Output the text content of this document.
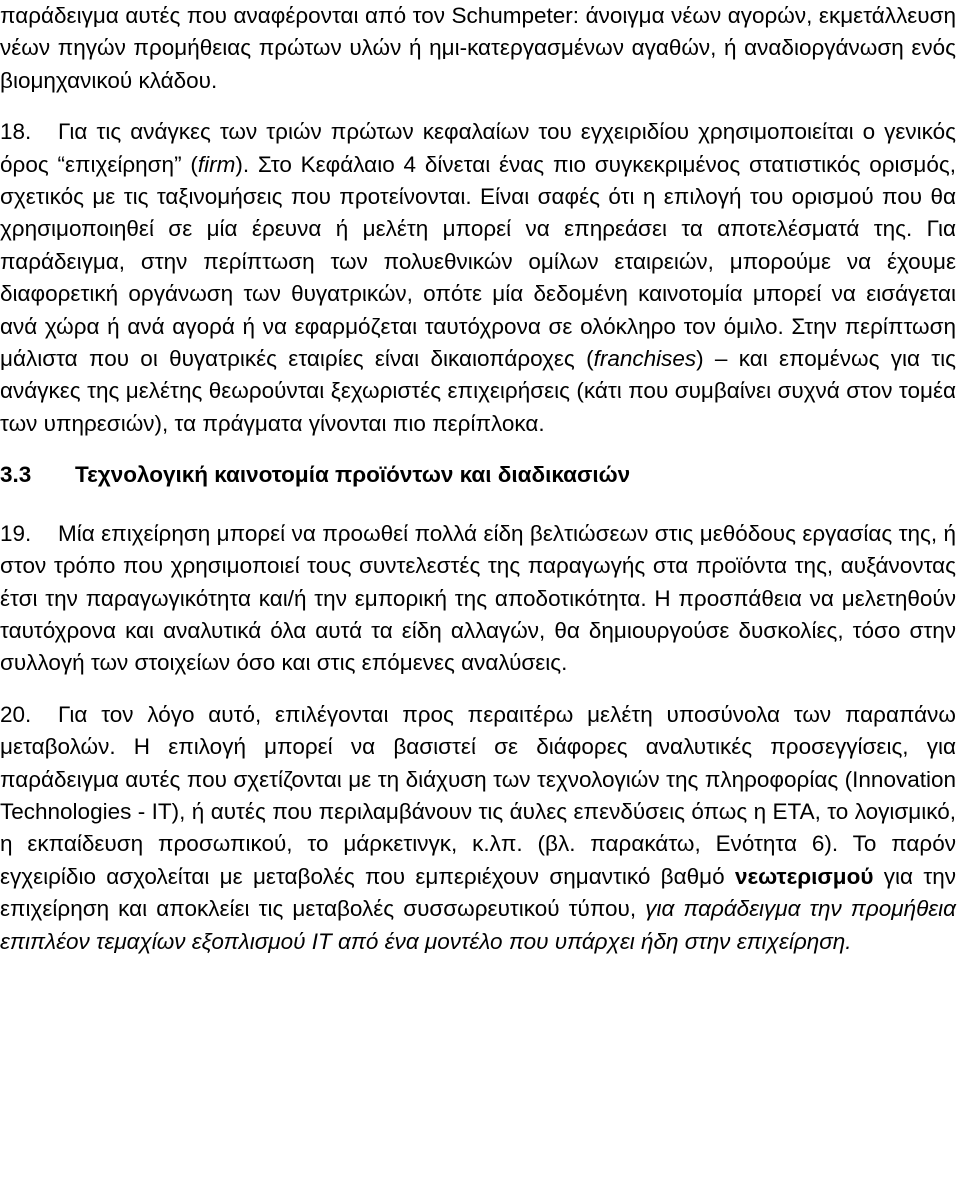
παράδειγμα αυτές που αναφέρονται από τον Schumpeter: άνοιγμα νέων αγορών, εκμετάλλευση νέων πηγών προμήθειας πρώτων υλών ή ημι-κατεργασμένων αγαθών, ή αναδιοργάνωση ενός βιομηχανικού κλάδου.

18. Για τις ανάγκες των τριών πρώτων κεφαλαίων του εγχειριδίου χρησιμοποιείται ο γενικός όρος “επιχείρηση” (firm). Στο Κεφάλαιο 4 δίνεται ένας πιο συγκεκριμένος στατιστικός ορισμός, σχετικός με τις ταξινομήσεις που προτείνονται. Είναι σαφές ότι η επιλογή του ορισμού που θα χρησιμοποιηθεί σε μία έρευνα ή μελέτη μπορεί να επηρεάσει τα αποτελέσματά της. Για παράδειγμα, στην περίπτωση των πολυεθνικών ομίλων εταιρειών, μπορούμε να έχουμε διαφορετική οργάνωση των θυγατρικών, οπότε μία δεδομένη καινοτομία μπορεί να εισάγεται ανά χώρα ή ανά αγορά ή να εφαρμόζεται ταυτόχρονα σε ολόκληρο τον όμιλο. Στην περίπτωση μάλιστα που οι θυγατρικές εταιρίες είναι δικαιοπάροχες (franchises) – και επομένως για τις ανάγκες της μελέτης θεωρούνται ξεχωριστές επιχειρήσεις (κάτι που συμβαίνει συχνά στον τομέα των υπηρεσιών), τα πράγματα γίνονται πιο περίπλοκα.

3.3	Τεχνολογική καινοτομία προϊόντων και διαδικασιών

19. Μία επιχείρηση μπορεί να προωθεί πολλά είδη βελτιώσεων στις μεθόδους εργασίας της, ή στον τρόπο που χρησιμοποιεί τους συντελεστές της παραγωγής στα προϊόντα της, αυξάνοντας έτσι την παραγωγικότητα και/ή την εμπορική της αποδοτικότητα. Η προσπάθεια να μελετηθούν ταυτόχρονα και αναλυτικά όλα αυτά τα είδη αλλαγών, θα δημιουργούσε δυσκολίες, τόσο στην συλλογή των στοιχείων όσο και στις επόμενες αναλύσεις.

20. Για τον λόγο αυτό, επιλέγονται προς περαιτέρω μελέτη υποσύνολα των παραπάνω μεταβολών. Η επιλογή μπορεί να βασιστεί σε διάφορες αναλυτικές προσεγγίσεις, για παράδειγμα αυτές που σχετίζονται με τη διάχυση των τεχνολογιών της πληροφορίας (Innovation Technologies - IT), ή αυτές που περιλαμβάνουν τις άυλες επενδύσεις όπως η ΕΤΑ, το λογισμικό, η εκπαίδευση προσωπικού, το μάρκετινγκ, κ.λπ. (βλ. παρακάτω, Ενότητα 6). Το παρόν εγχειρίδιο ασχολείται με μεταβολές που εμπεριέχουν σημαντικό βαθμό νεωτερισμού για την επιχείρηση και αποκλείει τις μεταβολές συσσωρευτικού τύπου, για παράδειγμα την προμήθεια επιπλέον τεμαχίων εξοπλισμού IT από ένα μοντέλο που υπάρχει ήδη στην επιχείρηση.
